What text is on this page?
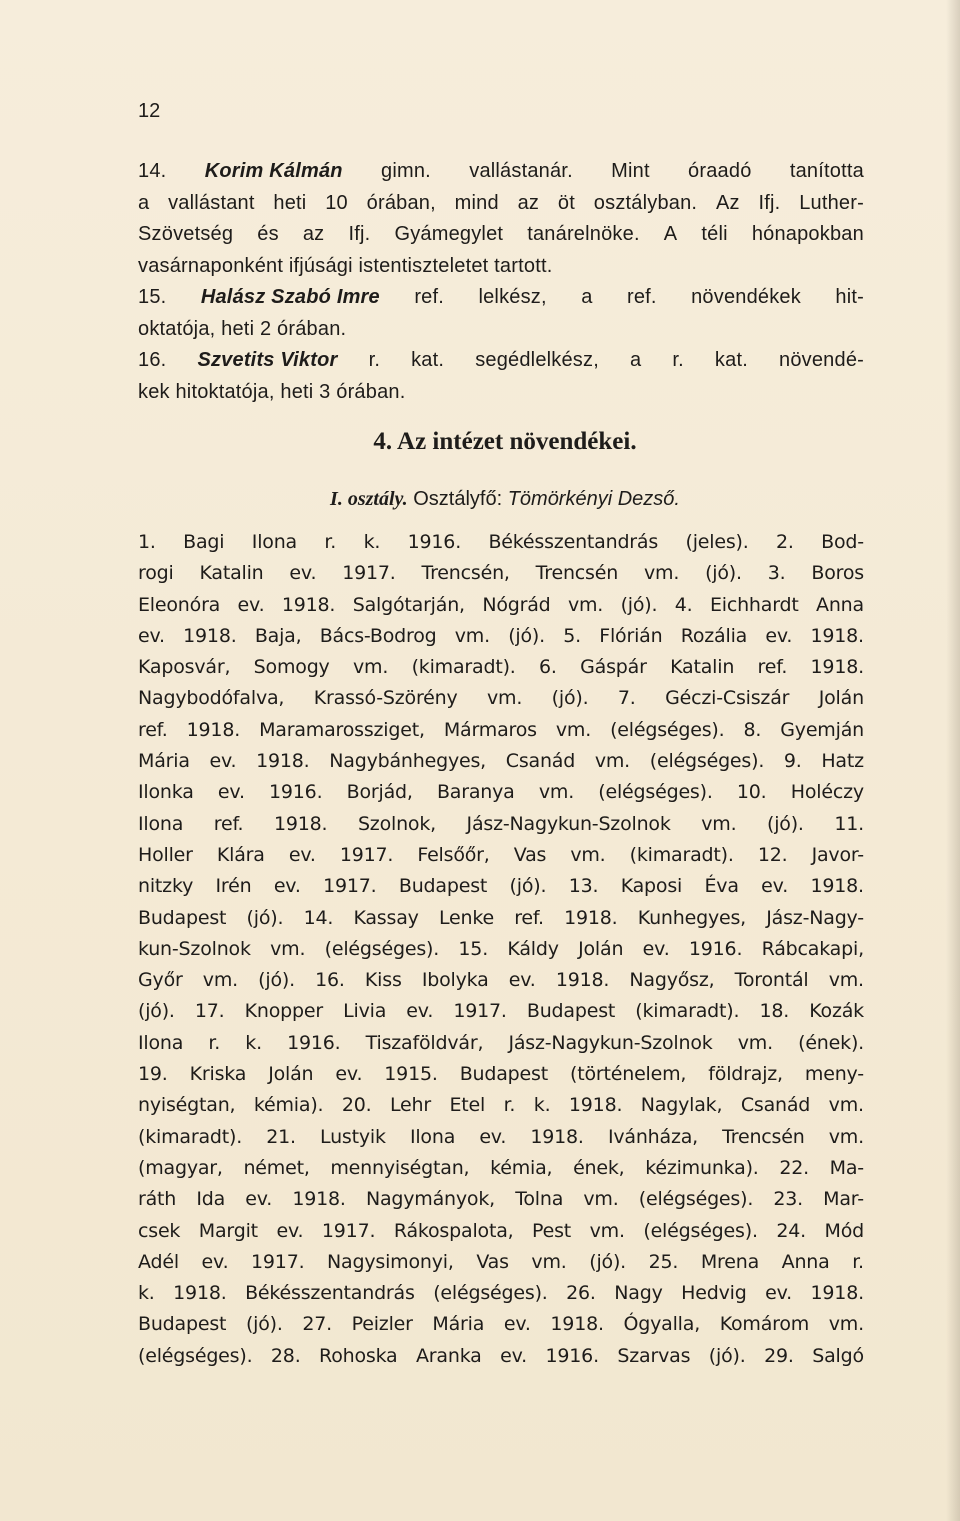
12
14. Korim Kálmán gimn. vallástanár. Mint óraadó tanította
a vallástant heti 10 órában, mind az öt osztályban. Az Ifj. Luther-
Szövetség és az Ifj. Gyámegylet tanárelnöke. A téli hónapokban
vasárnaponként ifjúsági istentiszteletet tartott.
15. Halász Szabó Imre ref. lelkész, a ref. növendékek hit-
oktatója, heti 2 órában.
16. Szvetits Viktor r. kat. segédlelkész, a r. kat. növendé-
kek hitoktatója, heti 3 órában.
4. Az intézet növendékei.
I. osztály. Osztályfő: Tömörkényi Dezső.
1. Bagi Ilona r. k. 1916. Békésszentandrás (jeles). 2. Bod-
rogi Katalin ev. 1917. Trencsén, Trencsén vm. (jó). 3. Boros
Eleonóra ev. 1918. Salgótarján, Nógrád vm. (jó). 4. Eichhardt Anna
ev. 1918. Baja, Bács-Bodrog vm. (jó). 5. Flórián Rozália ev. 1918.
Kaposvár, Somogy vm. (kimaradt). 6. Gáspár Katalin ref. 1918.
Nagybodófalva, Krassó-Szörény vm. (jó). 7. Géczi-Csiszár Jolán
ref. 1918. Maramarossziget, Mármaros vm. (elégséges). 8. Gyemján
Mária ev. 1918. Nagybánhegyes, Csanád vm. (elégséges). 9. Hatz
Ilonka ev. 1916. Borjád, Baranya vm. (elégséges). 10. Holéczy
Ilona ref. 1918. Szolnok, Jász-Nagykun-Szolnok vm. (jó). 11.
Holler Klára ev. 1917. Felsőőr, Vas vm. (kimaradt). 12. Javor-
nitzky Irén ev. 1917. Budapest (jó). 13. Kaposi Éva ev. 1918.
Budapest (jó). 14. Kassay Lenke ref. 1918. Kunhegyes, Jász-Nagy-
kun-Szolnok vm. (elégséges). 15. Káldy Jolán ev. 1916. Rábcakapi,
Győr vm. (jó). 16. Kiss Ibolyka ev. 1918. Nagyősz, Torontál vm.
(jó). 17. Knopper Livia ev. 1917. Budapest (kimaradt). 18. Kozák
Ilona r. k. 1916. Tiszaföldvár, Jász-Nagykun-Szolnok vm. (ének).
19. Kriska Jolán ev. 1915. Budapest (történelem, földrajz, meny-
nyiségtan, kémia). 20. Lehr Etel r. k. 1918. Nagylak, Csanád vm.
(kimaradt). 21. Lustyik Ilona ev. 1918. Ivánháza, Trencsén vm.
(magyar, német, mennyiségtan, kémia, ének, kézimunka). 22. Ma-
ráth Ida ev. 1918. Nagymányok, Tolna vm. (elégséges). 23. Mar-
csek Margit ev. 1917. Rákospalota, Pest vm. (elégséges). 24. Mód
Adél ev. 1917. Nagysimonyi, Vas vm. (jó). 25. Mrena Anna r.
k. 1918. Békésszentandrás (elégséges). 26. Nagy Hedvig ev. 1918.
Budapest (jó). 27. Peizler Mária ev. 1918. Ógyalla, Komárom vm.
(elégséges). 28. Rohoska Aranka ev. 1916. Szarvas (jó). 29. Salgó
